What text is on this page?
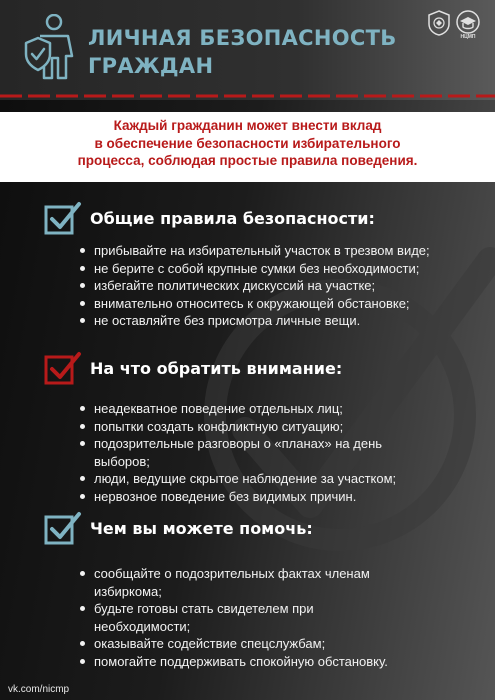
ЛИЧНАЯ БЕЗОПАСНОСТЬ ГРАЖДАН
НЦМП
Каждый гражданин может внести вклад
в обеспечение безопасности избирательного
процесса, соблюдая простые правила поведения.
Общие правила безопасности:
прибывайте на избирательный участок в трезвом виде;
не берите с собой крупные сумки без необходимости;
избегайте политических дискуссий на участке;
внимательно относитесь к окружающей обстановке;
не оставляйте без присмотра личные вещи.
На что обратить внимание:
неадекватное поведение отдельных лиц;
попытки создать конфликтную ситуацию;
подозрительные разговоры о «планах» на день выборов;
люди, ведущие скрытое наблюдение за участком;
нервозное поведение без видимых причин.
Чем вы можете помочь:
сообщайте о подозрительных фактах членам избиркома;
будьте готовы стать свидетелем при необходимости;
оказывайте содействие спецслужбам;
помогайте поддерживать спокойную обстановку.
vk.com/nicmp
